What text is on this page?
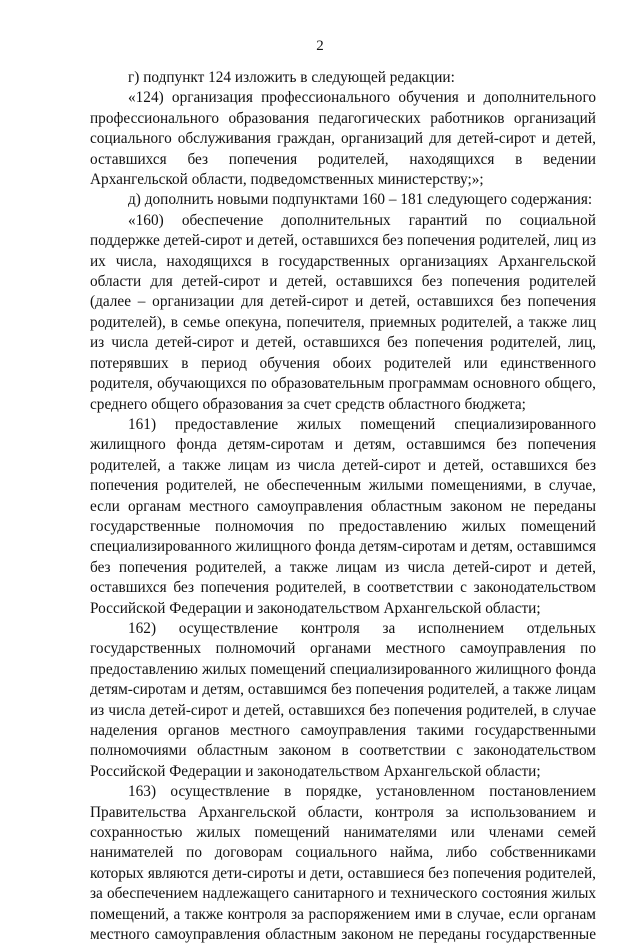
2

г) подпункт 124 изложить в следующей редакции:

«124) организация профессионального обучения и дополнительного профессионального образования педагогических работников организаций социального обслуживания граждан, организаций для детей-сирот и детей, оставшихся без попечения родителей, находящихся в ведении Архангельской области, подведомственных министерству;»;

д) дополнить новыми подпунктами 160 – 181 следующего содержания:

«160) обеспечение дополнительных гарантий по социальной поддержке детей-сирот и детей, оставшихся без попечения родителей, лиц из их числа, находящихся в государственных организациях Архангельской области для детей-сирот и детей, оставшихся без попечения родителей (далее – организации для детей-сирот и детей, оставшихся без попечения родителей), в семье опекуна, попечителя, приемных родителей, а также лиц из числа детей-сирот и детей, оставшихся без попечения родителей, лиц, потерявших в период обучения обоих родителей или единственного родителя, обучающихся по образовательным программам основного общего, среднего общего образования за счет средств областного бюджета;

161) предоставление жилых помещений специализированного жилищного фонда детям-сиротам и детям, оставшимся без попечения родителей, а также лицам из числа детей-сирот и детей, оставшихся без попечения родителей, не обеспеченным жилыми помещениями, в случае, если органам местного самоуправления областным законом не переданы государственные полномочия по предоставлению жилых помещений специализированного жилищного фонда детям-сиротам и детям, оставшимся без попечения родителей, а также лицам из числа детей-сирот и детей, оставшихся без попечения родителей, в соответствии с законодательством Российской Федерации и законодательством Архангельской области;

162) осуществление контроля за исполнением отдельных государственных полномочий органами местного самоуправления по предоставлению жилых помещений специализированного жилищного фонда детям-сиротам и детям, оставшимся без попечения родителей, а также лицам из числа детей-сирот и детей, оставшихся без попечения родителей, в случае наделения органов местного самоуправления такими государственными полномочиями областным законом в соответствии с законодательством Российской Федерации и законодательством Архангельской области;

163) осуществление в порядке, установленном постановлением Правительства Архангельской области, контроля за использованием и сохранностью жилых помещений нанимателями или членами семей нанимателей по договорам социального найма, либо собственниками которых являются дети-сироты и дети, оставшиеся без попечения родителей, за обеспечением надлежащего санитарного и технического состояния жилых помещений, а также контроля за распоряжением ими в случае, если органам местного самоуправления областным законом не переданы государственные
